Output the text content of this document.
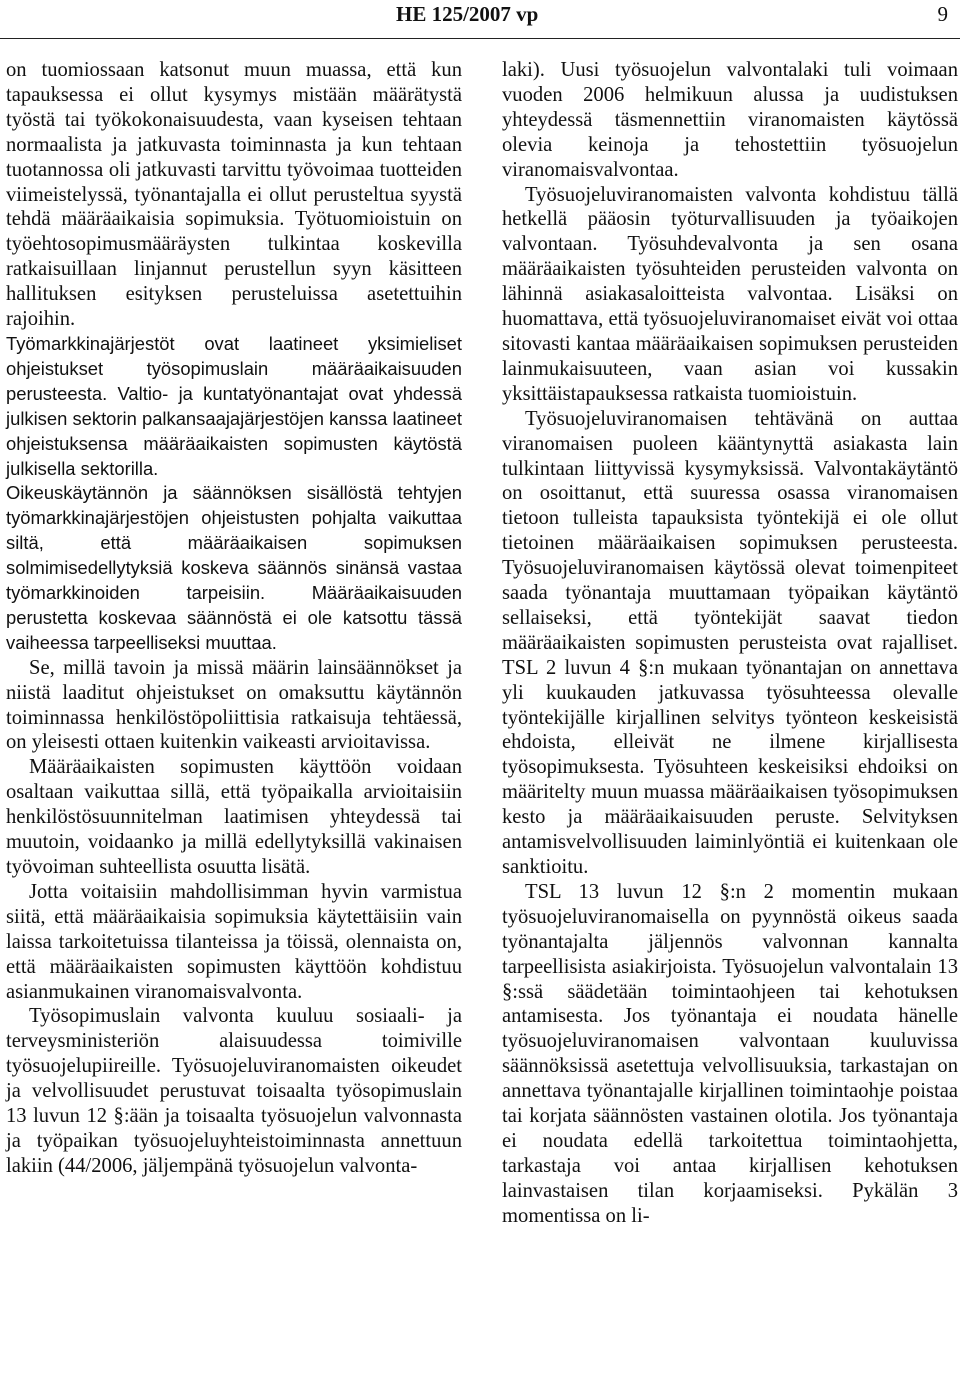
HE 125/2007 vp	9

on tuomiossaan katsonut muun muassa, että kun tapauksessa ei ollut kysymys mistään määrätystä työstä tai työkokonaisuudesta, vaan kyseisen tehtaan normaalista ja jatkuvasta toiminnasta ja kun tehtaan tuotannossa oli jatkuvasti tarvittu työvoimaa tuotteiden viimeistelyssä, työnantajalla ei ollut perusteltua syystä tehdä määräaikaisia sopimuksia. Työtuomioistuin on työehtosopimusmääräysten tulkintaa koskevilla ratkaisuillaan linjannut perustellun syyn käsitteen hallituksen esityksen perusteluissa asetettuihin rajoihin.

Työmarkkinajärjestöt ovat laatineet yksimieliset ohjeistukset työsopimuslain määräaikaisuuden perusteesta. Valtio- ja kuntatyönantajat ovat yhdessä julkisen sektorin palkansaajajärjestöjen kanssa laatineet ohjeistuksensa määräaikaisten sopimusten käytöstä julkisella sektorilla.

Oikeuskäytännön ja säännöksen sisällöstä tehtyjen työmarkkinajärjestöjen ohjeistusten pohjalta vaikuttaa siltä, että määräaikaisen sopimuksen solmimisedellytyksiä koskeva säännös sinänsä vastaa työmarkkinoiden tarpeisiin. Määräaikaisuuden perustetta koskevaa säännöstä ei ole katsottu tässä vaiheessa tarpeelliseksi muuttaa.

Se, millä tavoin ja missä määrin lainsäännökset ja niistä laaditut ohjeistukset on omaksuttu käytännön toiminnassa henkilöstöpoliittisia ratkaisuja tehtäessä, on yleisesti ottaen kuitenkin vaikeasti arvioitavissa.

Määräaikaisten sopimusten käyttöön voidaan osaltaan vaikuttaa sillä, että työpaikalla arvioitaisiin henkilöstösuunnitelman laatimisen yhteydessä tai muutoin, voidaanko ja millä edellytyksillä vakinaisen työvoiman suhteellista osuutta lisätä.

Jotta voitaisiin mahdollisimman hyvin varmistua siitä, että määräaikaisia sopimuksia käytettäisiin vain laissa tarkoitetuissa tilanteissa ja töissä, olennaista on, että määräaikaisten sopimusten käyttöön kohdistuu asianmukainen viranomaisvalvonta.

Työsopimuslain valvonta kuuluu sosiaali- ja terveysministeriön alaisuudessa toimiville työsuojelupiireille. Työsuojeluviranomaisten oikeudet ja velvollisuudet perustuvat toisaalta työsopimuslain 13 luvun 12 §:ään ja toisaalta työsuojelun valvonnasta ja työpaikan työsuojeluyhteistoiminnasta annettuun lakiin (44/2006, jäljempänä työsuojelun valvonta-

laki). Uusi työsuojelun valvontalaki tuli voimaan vuoden 2006 helmikuun alussa ja uudistuksen yhteydessä täsmennettiin viranomaisten käytössä olevia keinoja ja tehostettiin työsuojelun viranomaisvalvontaa.

Työsuojeluviranomaisten valvonta kohdistuu tällä hetkellä pääosin työturvallisuuden ja työaikojen valvontaan. Työsuhdevalvonta ja sen osana määräaikaisten työsuhteiden perusteiden valvonta on lähinnä asiakasaloitteista valvontaa. Lisäksi on huomattava, että työsuojeluviranomaiset eivät voi ottaa sitovasti kantaa määräaikaisen sopimuksen perusteiden lainmukaisuuteen, vaan asian voi kussakin yksittäistapauksessa ratkaista tuomioistuin.

Työsuojeluviranomaisen tehtävänä on auttaa viranomaisen puoleen kääntynyttä asiakasta lain tulkintaan liittyvissä kysymyksissä. Valvontakäytäntö on osoittanut, että suuressa osassa viranomaisen tietoon tulleista tapauksista työntekijä ei ole ollut tietoinen määräaikaisen sopimuksen perusteesta. Työsuojeluviranomaisen käytössä olevat toimenpiteet saada työnantaja muuttamaan työpaikan käytäntö sellaiseksi, että työntekijät saavat tiedon määräaikaisten sopimusten perusteista ovat rajalliset. TSL 2 luvun 4 §:n mukaan työnantajan on annettava yli kuukauden jatkuvassa työsuhteessa olevalle työntekijälle kirjallinen selvitys työnteon keskeisistä ehdoista, elleivät ne ilmene kirjallisesta työsopimuksesta. Työsuhteen keskeisiksi ehdoiksi on määritelty muun muassa määräaikaisen työsopimuksen kesto ja määräaikaisuuden peruste. Selvityksen antamisvelvollisuuden laiminlyöntiä ei kuitenkaan ole sanktioitu.

TSL 13 luvun 12 §:n 2 momentin mukaan työsuojeluviranomaisella on pyynnöstä oikeus saada työnantajalta jäljennös valvonnan kannalta tarpeellisista asiakirjoista. Työsuojelun valvontalain 13 §:ssä säädetään toimintaohjeen tai kehotuksen antamisesta. Jos työnantaja ei noudata hänelle työsuojeluviranomaisen valvontaan kuuluvissa säännöksissä asetettuja velvollisuuksia, tarkastajan on annettava työnantajalle kirjallinen toimintaohje poistaa tai korjata säännösten vastainen olotila. Jos työnantaja ei noudata edellä tarkoitettua toimintaohjetta, tarkastaja voi antaa kirjallisen kehotuksen lainvastaisen tilan korjaamiseksi. Pykälän 3 momentissa on li-
